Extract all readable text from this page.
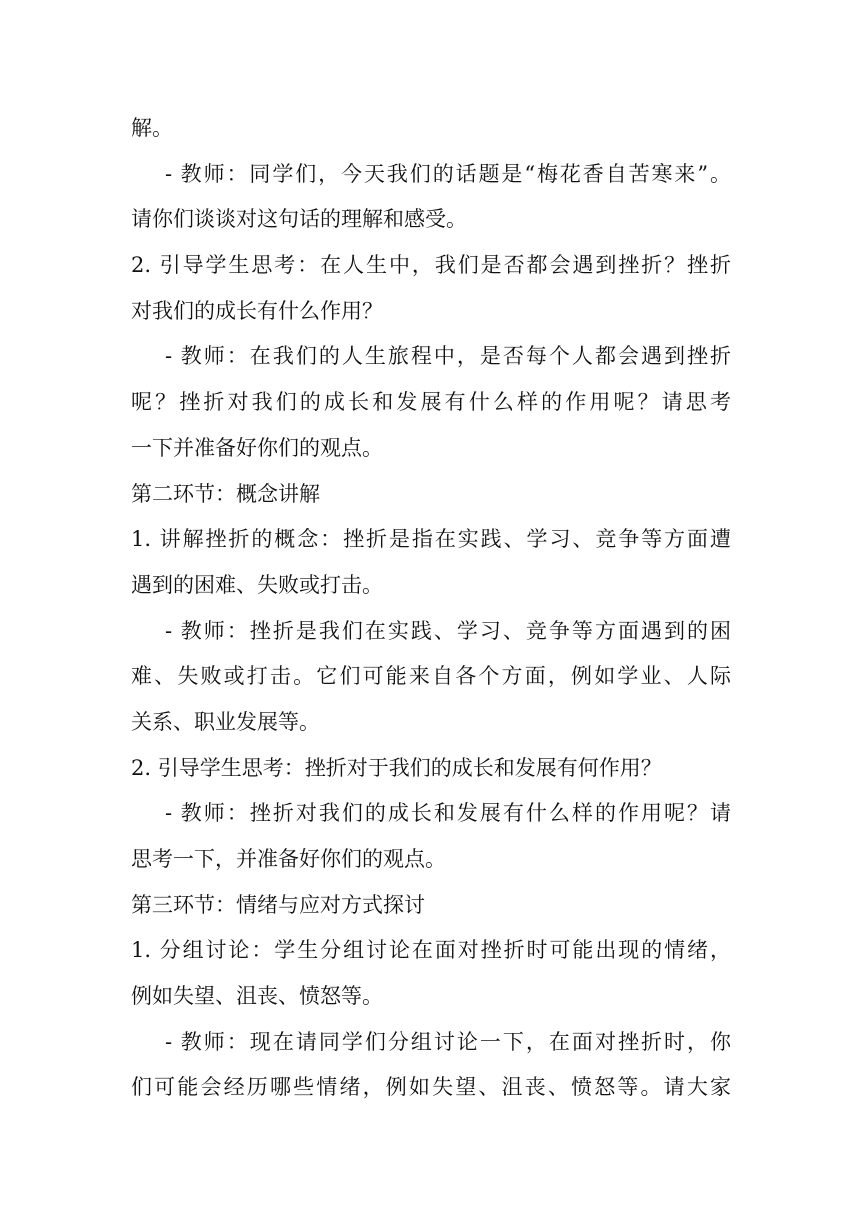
解。
- 教师：同学们，今天我们的话题是“梅花香自苦寒来”。
请你们谈谈对这句话的理解和感受。
2. 引导学生思考：在人生中，我们是否都会遇到挫折？挫折
对我们的成长有什么作用？
- 教师：在我们的人生旅程中，是否每个人都会遇到挫折
呢？挫折对我们的成长和发展有什么样的作用呢？请思考
一下并准备好你们的观点。
第二环节：概念讲解
1. 讲解挫折的概念：挫折是指在实践、学习、竞争等方面遭
遇到的困难、失败或打击。
- 教师：挫折是我们在实践、学习、竞争等方面遇到的困
难、失败或打击。它们可能来自各个方面，例如学业、人际
关系、职业发展等。
2. 引导学生思考：挫折对于我们的成长和发展有何作用？
- 教师：挫折对我们的成长和发展有什么样的作用呢？请
思考一下，并准备好你们的观点。
第三环节：情绪与应对方式探讨
1. 分组讨论：学生分组讨论在面对挫折时可能出现的情绪，
例如失望、沮丧、愤怒等。
- 教师：现在请同学们分组讨论一下，在面对挫折时，你
们可能会经历哪些情绪，例如失望、沮丧、愤怒等。请大家
